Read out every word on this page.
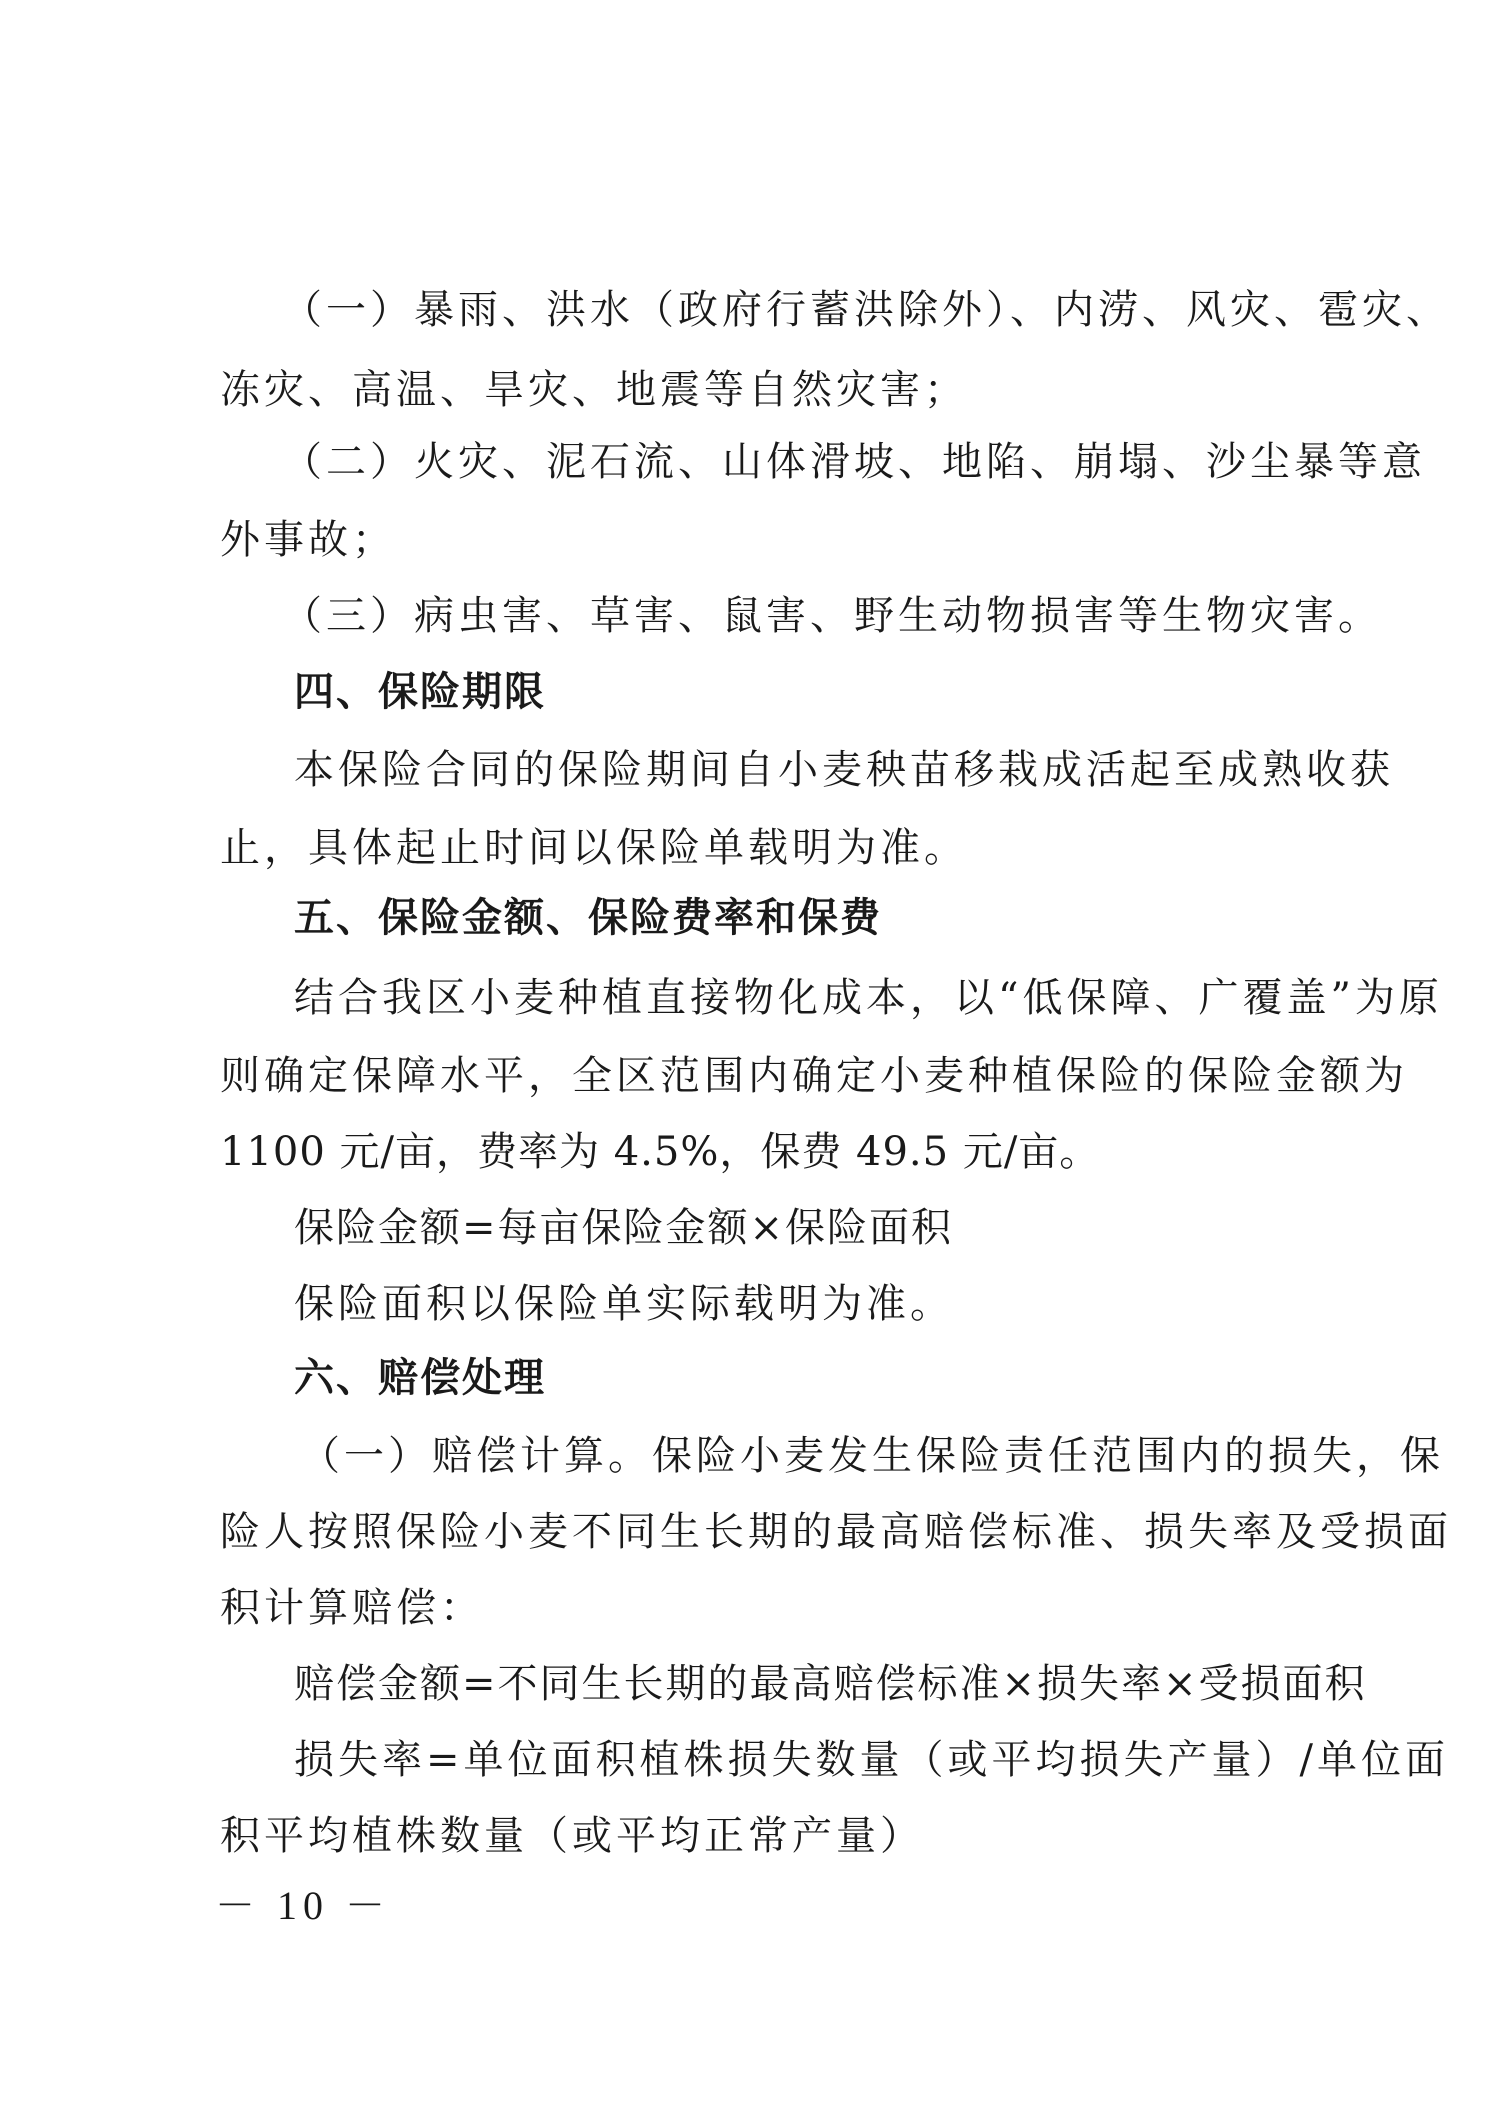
（一）暴雨、洪水（政府行蓄洪除外）、内涝、风灾、雹灾、
冻灾、高温、旱灾、地震等自然灾害；
（二）火灾、泥石流、山体滑坡、地陷、崩塌、沙尘暴等意
外事故；
（三）病虫害、草害、鼠害、野生动物损害等生物灾害。
四、保险期限
本保险合同的保险期间自小麦秧苗移栽成活起至成熟收获
止，具体起止时间以保险单载明为准。
五、保险金额、保险费率和保费
结合我区小麦种植直接物化成本，以“低保障、广覆盖”为原
则确定保障水平，全区范围内确定小麦种植保险的保险金额为
1100 元/亩，费率为 4.5%，保费 49.5 元/亩。
保险金额=每亩保险金额×保险面积
保险面积以保险单实际载明为准。
六、赔偿处理
（一）赔偿计算。保险小麦发生保险责任范围内的损失，保
险人按照保险小麦不同生长期的最高赔偿标准、损失率及受损面
积计算赔偿：
赔偿金额=不同生长期的最高赔偿标准×损失率×受损面积
损失率=单位面积植株损失数量（或平均损失产量）/单位面
积平均植株数量（或平均正常产量）
－ 10 －
